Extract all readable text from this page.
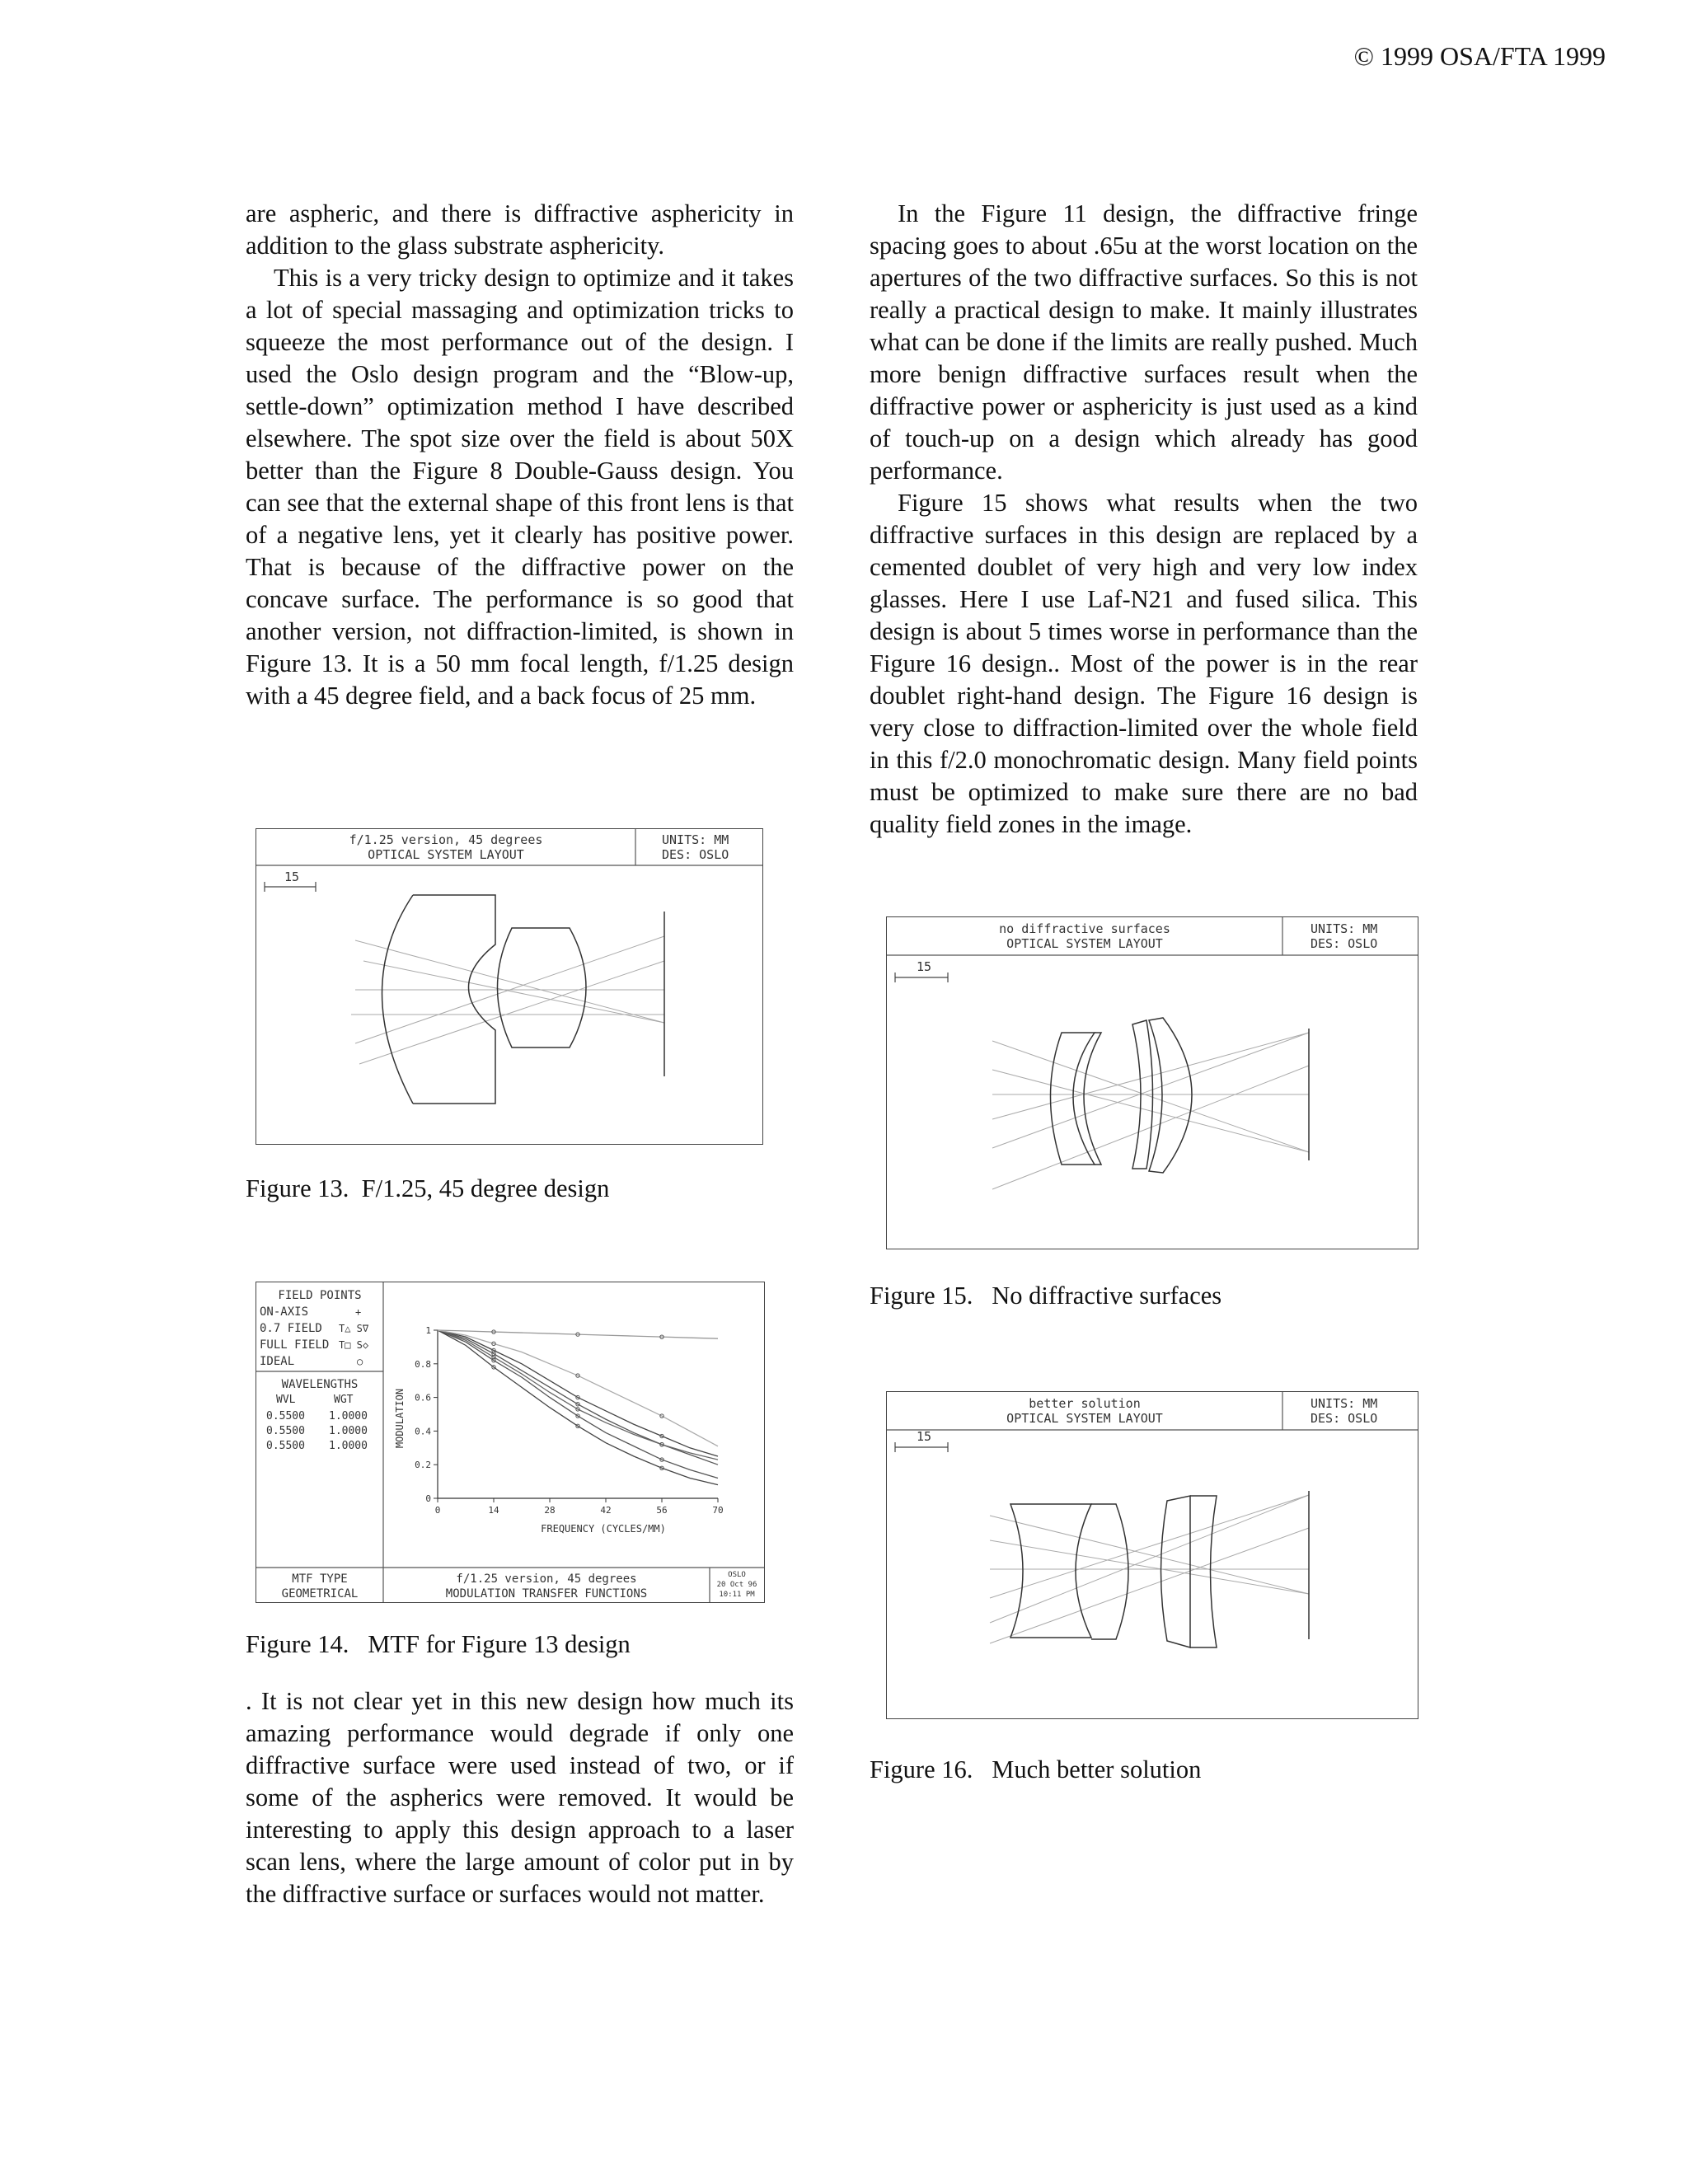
© 1999 OSA/FTA 1999

are aspheric, and there is diffractive asphericity in addition to the glass substrate asphericity.

This is a very tricky design to optimize and it takes a lot of special massaging and optimization tricks to squeeze the most performance out of the design. I used the Oslo design program and the “Blow-up, settle-down” optimization method I have described elsewhere. The spot size over the field is about 50X better than the Figure 8 Double-Gauss design. You can see that the external shape of this front lens is that of a negative lens, yet it clearly has positive power. That is because of the diffractive power on the concave surface. The performance is so good that another version, not diffraction-limited, is shown in Figure 13. It is a 50 mm focal length, f/1.25 design with a 45 degree field, and a back focus of 25 mm.

In the Figure 11 design, the diffractive fringe spacing goes to about .65u at the worst location on the apertures of the two diffractive surfaces. So this is not really a practical design to make. It mainly illustrates what can be done if the limits are really pushed. Much more benign diffractive surfaces result when the diffractive power or asphericity is just used as a kind of touch-up on a design which already has good performance.

Figure 15 shows what results when the two diffractive surfaces in this design are replaced by a cemented doublet of very high and very low index glasses. Here I use Laf-N21 and fused silica. This design is about 5 times worse in performance than the Figure 16 design.. Most of the power is in the rear doublet right-hand design. The Figure 16 design is very close to diffraction-limited over the whole field in this f/2.0 monochromatic design. Many field points must be optimized to make sure there are no bad quality field zones in the image.

f/1.25 version, 45 degrees
OPTICAL SYSTEM LAYOUT
UNITS: MM
DES: OSLO
15
Figure 13.  F/1.25, 45 degree design
FIELD POINTS
ON-AXIS	+
0.7 FIELD T△ S∇
FULL FIELD T□ S◇
IDEAL	○
WAVELENGTHS
WVL	WGT
0.5500 1.0000
0.5500 1.0000
0.5500 1.0000
MTF TYPE
GEOMETRICAL
f/1.25 version, 45 degrees
MODULATION TRANSFER FUNCTIONS
OSLO
20 Oct 96
10:11 PM
0	14	28	42	56	70
0
0.2
0.4
0.6
0.8
1
FREQUENCY (CYCLES/MM)
MODULATION
Figure 14.   MTF for Figure 13 design
. It is not clear yet in this new design how much its amazing performance would degrade if only one diffractive surface were used instead of two, or if some of the aspherics were removed. It would be interesting to apply this design approach to a laser scan lens, where the large amount of color put in by the diffractive surface or surfaces would not matter.
no diffractive surfaces
OPTICAL SYSTEM LAYOUT
UNITS: MM
DES: OSLO
15
Figure 15.   No diffractive surfaces
better solution
OPTICAL SYSTEM LAYOUT
UNITS: MM
DES: OSLO
15
Figure 16.   Much better solution
